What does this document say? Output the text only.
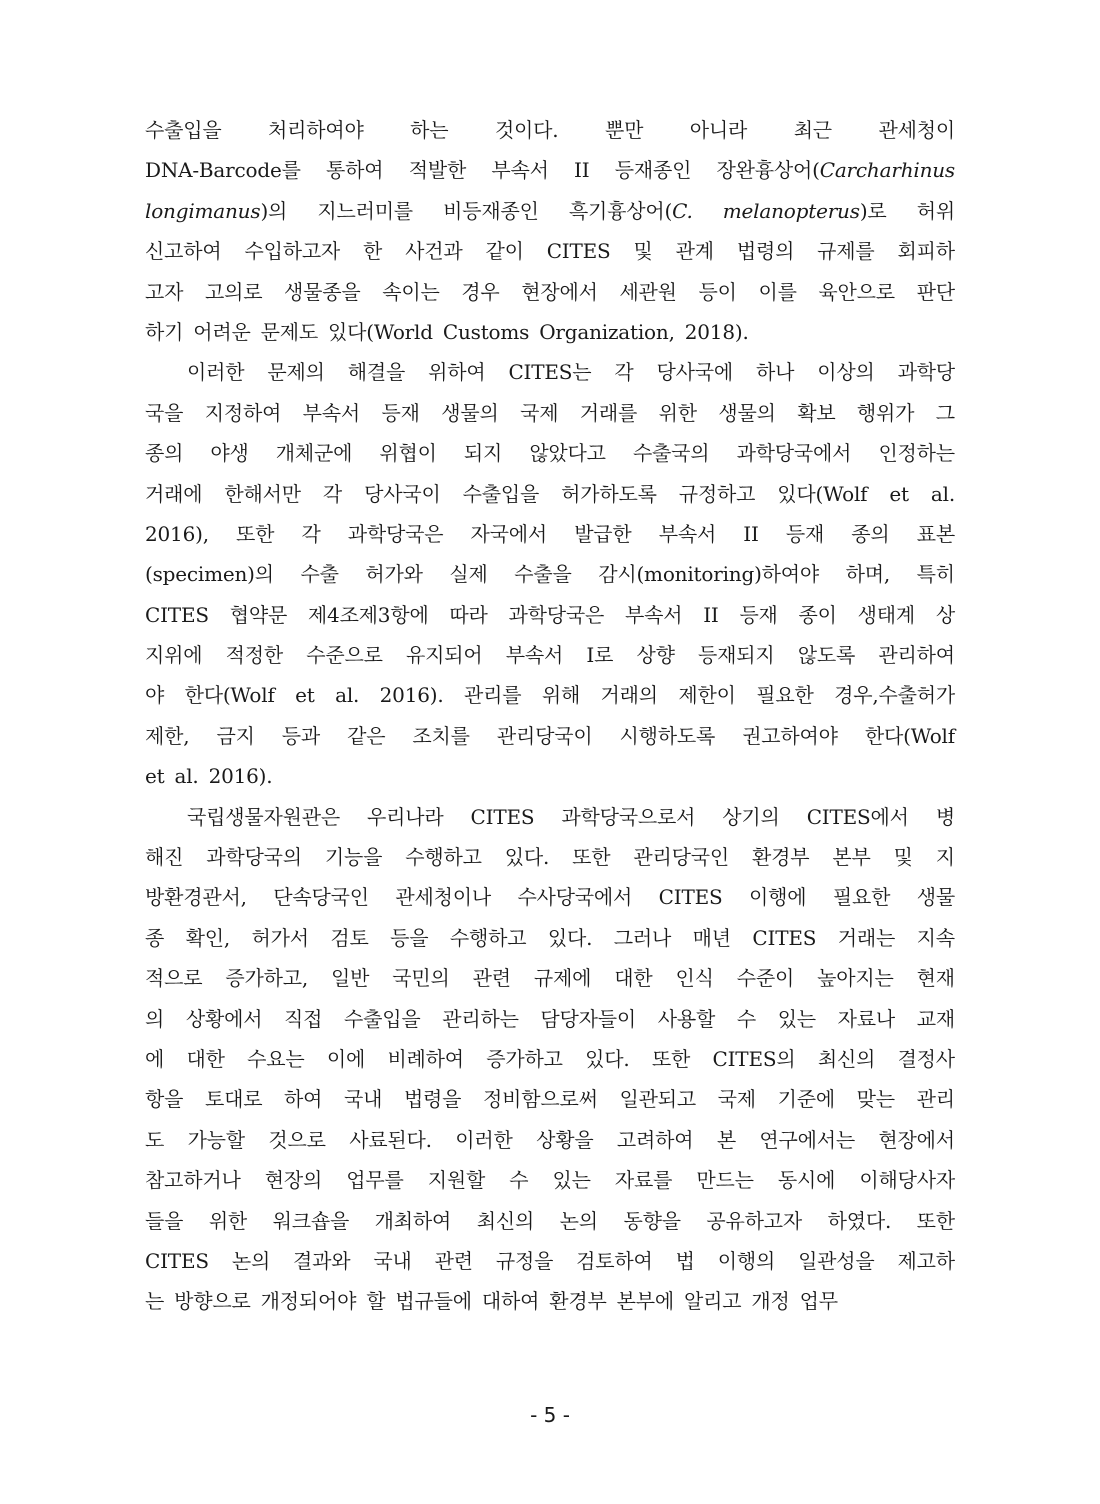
수출입을 처리하여야 하는 것이다. 뿐만 아니라 최근 관세청이
DNA-Barcode를 통하여 적발한 부속서 II 등재종인 장완흉상어(Carcharhinus
longimanus)의 지느러미를 비등재종인 흑기흉상어(C. melanopterus)로 허위
신고하여 수입하고자 한 사건과 같이 CITES 및 관계 법령의 규제를 회피하
고자 고의로 생물종을 속이는 경우 현장에서 세관원 등이 이를 육안으로 판단
하기 어려운 문제도 있다(World Customs Organization, 2018).
이러한 문제의 해결을 위하여 CITES는 각 당사국에 하나 이상의 과학당
국을 지정하여 부속서 등재 생물의 국제 거래를 위한 생물의 확보 행위가 그
종의 야생 개체군에 위협이 되지 않았다고 수출국의 과학당국에서 인정하는
거래에 한해서만 각 당사국이 수출입을 허가하도록 규정하고 있다(Wolf et al.
2016), 또한 각 과학당국은 자국에서 발급한 부속서 II 등재 종의 표본
(specimen)의 수출 허가와 실제 수출을 감시(monitoring)하여야 하며, 특히
CITES 협약문 제4조제3항에 따라 과학당국은 부속서 II 등재 종이 생태계 상
지위에 적정한 수준으로 유지되어 부속서 I로 상향 등재되지 않도록 관리하여
야 한다(Wolf et al. 2016). 관리를 위해 거래의 제한이 필요한 경우,수출허가
제한, 금지 등과 같은 조치를 관리당국이 시행하도록 권고하여야 한다(Wolf
et al. 2016).
국립생물자원관은 우리나라 CITES 과학당국으로서 상기의 CITES에서 병
해진 과학당국의 기능을 수행하고 있다. 또한 관리당국인 환경부 본부 및 지
방환경관서, 단속당국인 관세청이나 수사당국에서 CITES 이행에 필요한 생물
종 확인, 허가서 검토 등을 수행하고 있다. 그러나 매년 CITES 거래는 지속
적으로 증가하고, 일반 국민의 관련 규제에 대한 인식 수준이 높아지는 현재
의 상황에서 직접 수출입을 관리하는 담당자들이 사용할 수 있는 자료나 교재
에 대한 수요는 이에 비례하여 증가하고 있다. 또한 CITES의 최신의 결정사
항을 토대로 하여 국내 법령을 정비함으로써 일관되고 국제 기준에 맞는 관리
도 가능할 것으로 사료된다. 이러한 상황을 고려하여 본 연구에서는 현장에서
참고하거나 현장의 업무를 지원할 수 있는 자료를 만드는 동시에 이해당사자
들을 위한 워크숍을 개최하여 최신의 논의 동향을 공유하고자 하였다. 또한
CITES 논의 결과와 국내 관련 규정을 검토하여 법 이행의 일관성을 제고하
는 방향으로 개정되어야 할 법규들에 대하여 환경부 본부에 알리고 개정 업무
- 5 -
